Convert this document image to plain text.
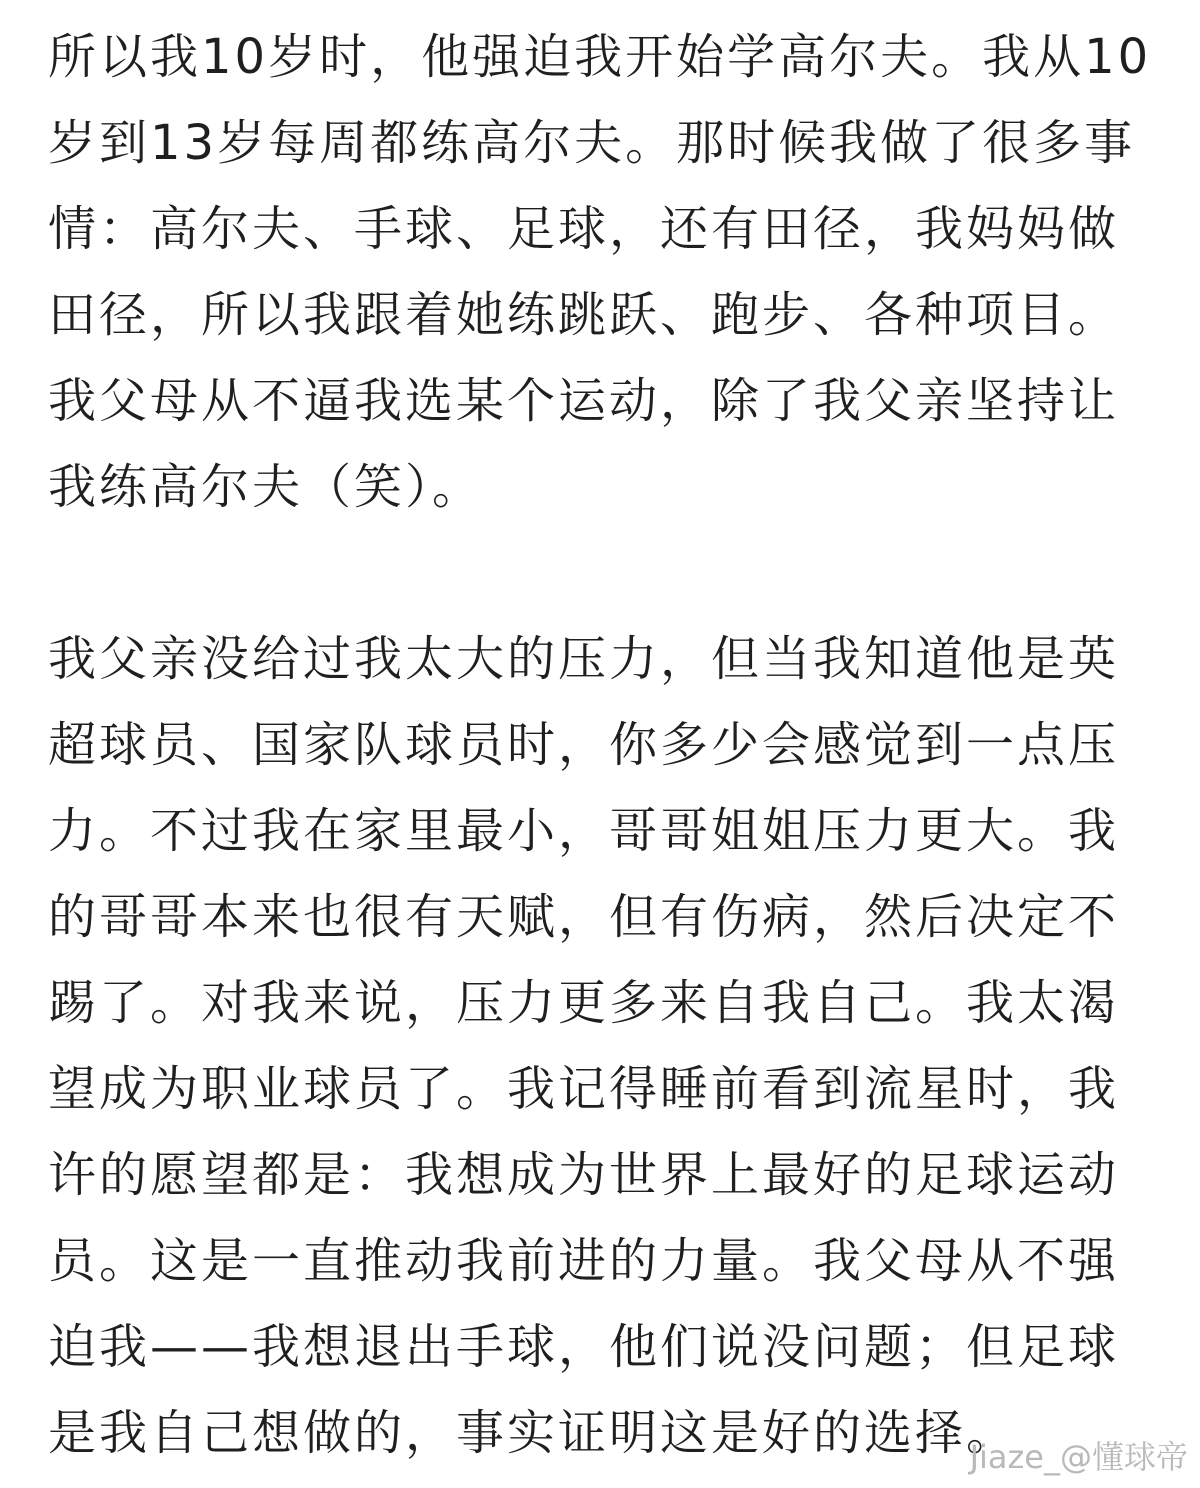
所以我10岁时，他强迫我开始学高尔夫。我从10
岁到13岁每周都练高尔夫。那时候我做了很多事
情：高尔夫、手球、足球，还有田径，我妈妈做
田径，所以我跟着她练跳跃、跑步、各种项目。
我父母从不逼我选某个运动，除了我父亲坚持让
我练高尔夫（笑）。
我父亲没给过我太大的压力，但当我知道他是英
超球员、国家队球员时，你多少会感觉到一点压
力。不过我在家里最小，哥哥姐姐压力更大。我
的哥哥本来也很有天赋，但有伤病，然后决定不
踢了。对我来说，压力更多来自我自己。我太渴
望成为职业球员了。我记得睡前看到流星时，我
许的愿望都是：我想成为世界上最好的足球运动
员。这是一直推动我前进的力量。我父母从不强
迫我——我想退出手球，他们说没问题；但足球
是我自己想做的，事实证明这是好的选择。
Jiaze_@懂球帝
